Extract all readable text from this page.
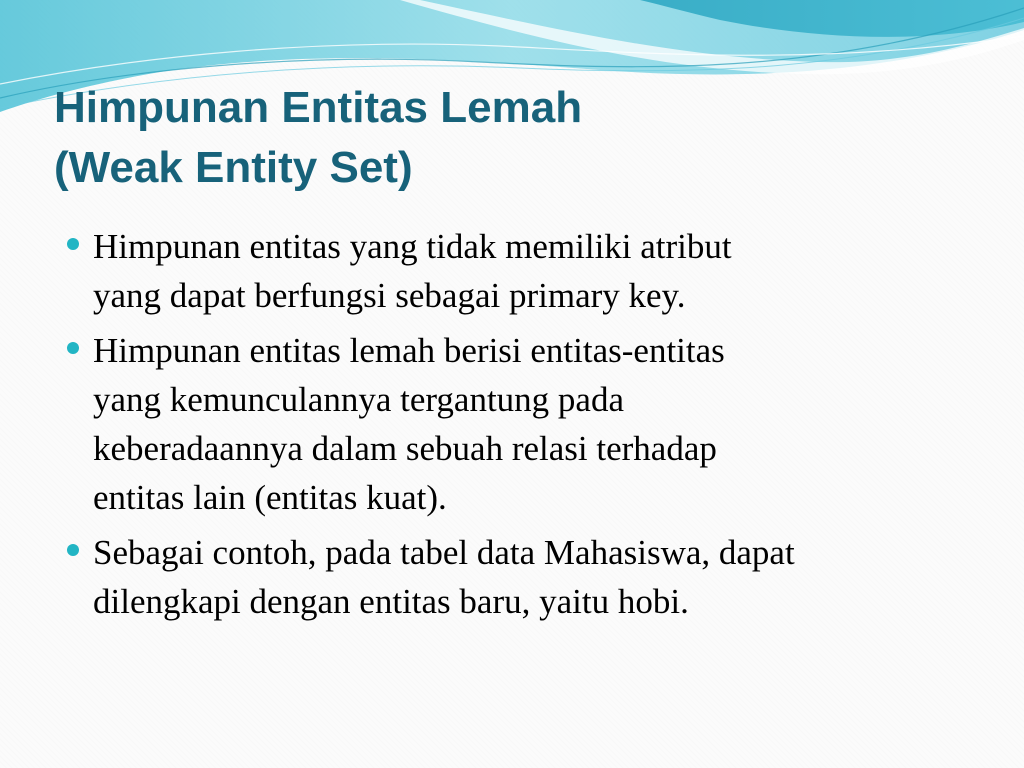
Himpunan Entitas Lemah
(Weak Entity Set)
Himpunan entitas yang tidak memiliki atribut
yang dapat berfungsi sebagai primary key.
Himpunan entitas lemah berisi entitas-entitas
yang kemunculannya tergantung pada
keberadaannya dalam sebuah relasi terhadap
entitas lain (entitas kuat).
Sebagai contoh, pada tabel data Mahasiswa, dapat
dilengkapi dengan entitas baru, yaitu hobi.
